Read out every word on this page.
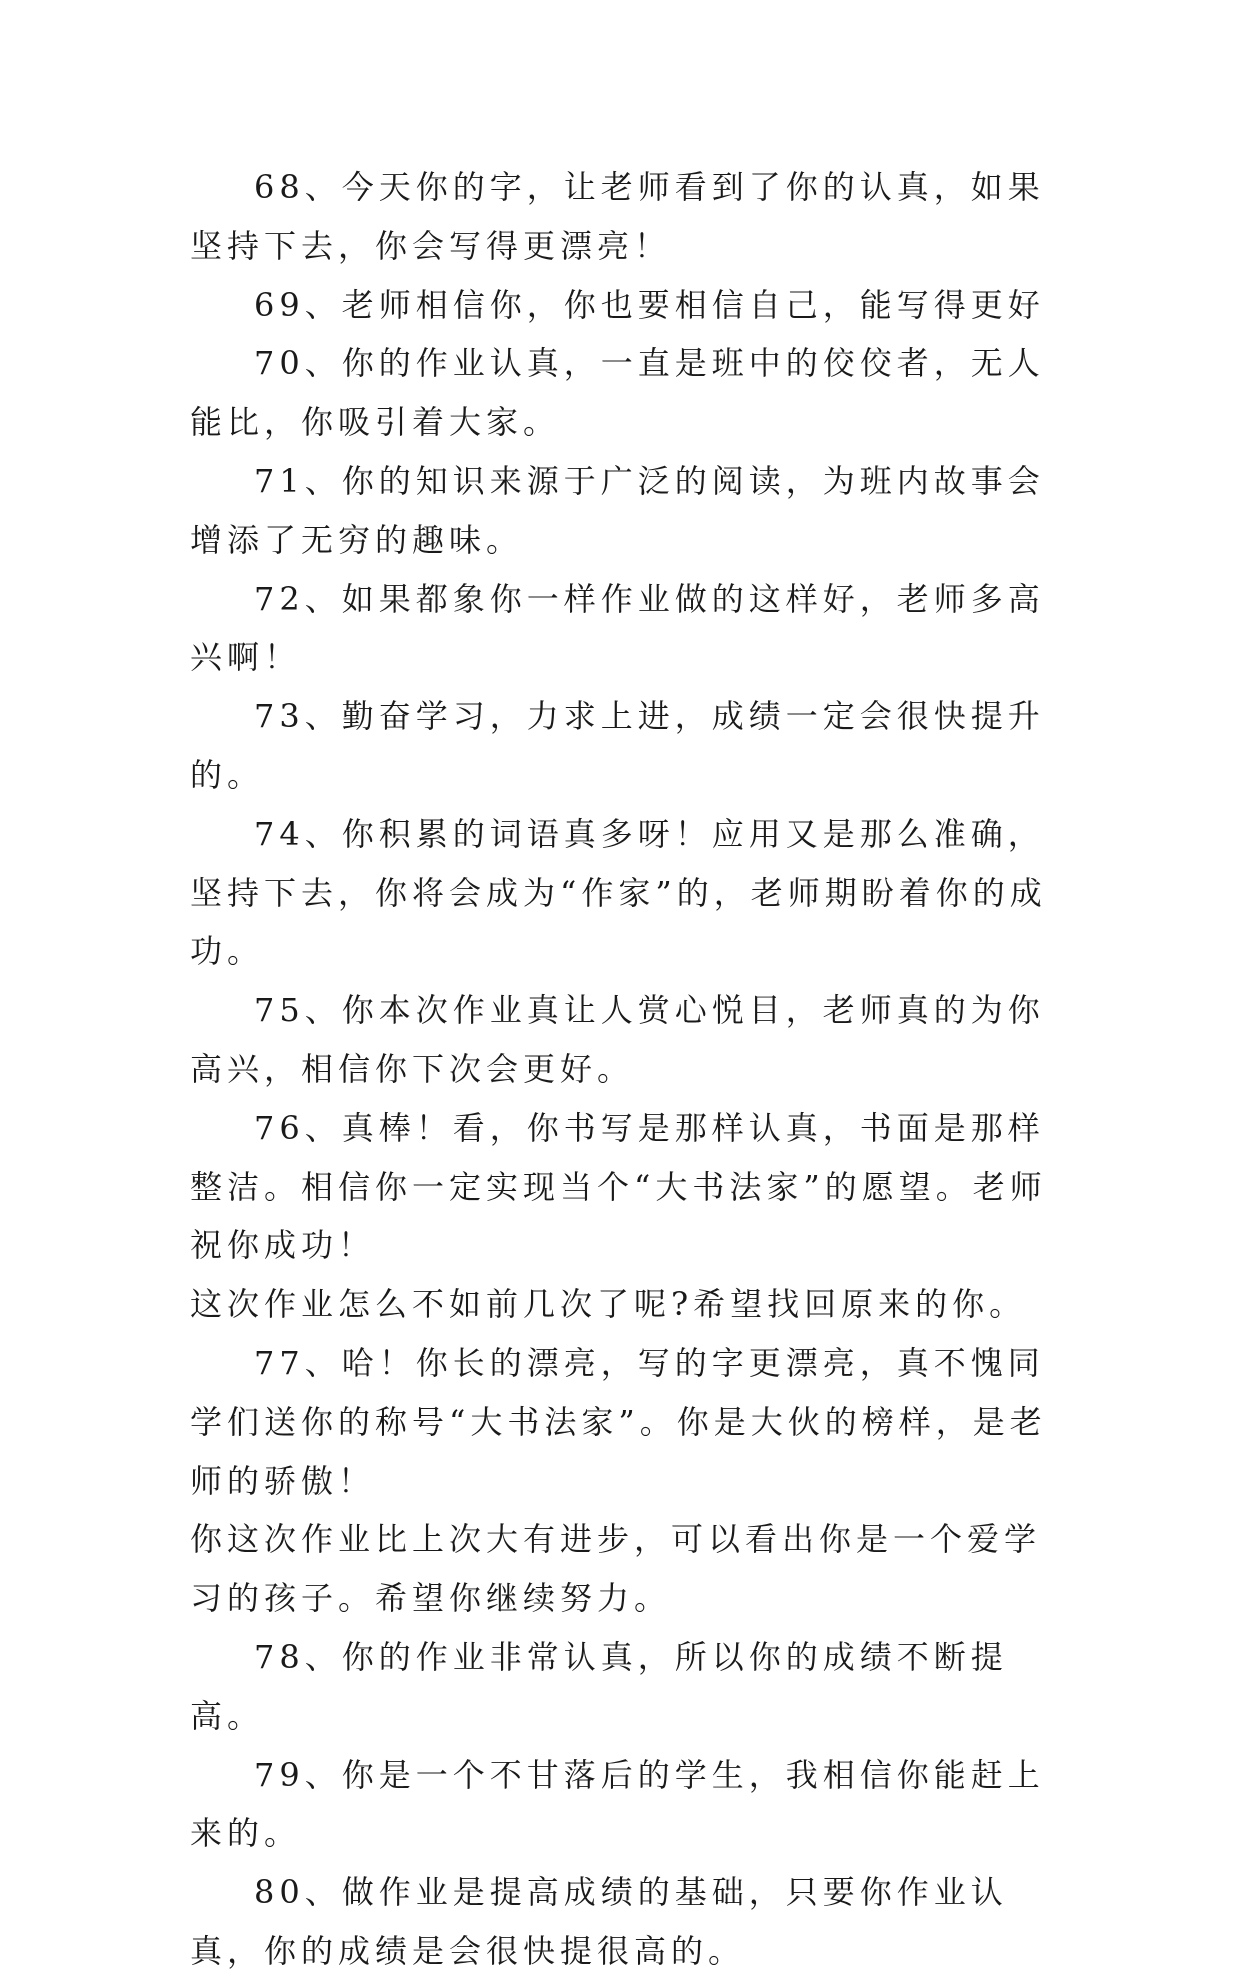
68、今天你的字，让老师看到了你的认真，如果坚持下去，你会写得更漂亮！

69、老师相信你，你也要相信自己，能写得更好

70、你的作业认真，一直是班中的佼佼者，无人能比，你吸引着大家。

71、你的知识来源于广泛的阅读，为班内故事会增添了无穷的趣味。

72、如果都象你一样作业做的这样好，老师多高兴啊！

73、勤奋学习，力求上进，成绩一定会很快提升的。

74、你积累的词语真多呀！应用又是那么准确，坚持下去，你将会成为“作家”的，老师期盼着你的成功。

75、你本次作业真让人赏心悦目，老师真的为你高兴，相信你下次会更好。

76、真棒！看，你书写是那样认真，书面是那样整洁。相信你一定实现当个“大书法家”的愿望。老师祝你成功！

这次作业怎么不如前几次了呢?希望找回原来的你。

77、哈！你长的漂亮，写的字更漂亮，真不愧同学们送你的称号“大书法家”。你是大伙的榜样，是老师的骄傲！

你这次作业比上次大有进步，可以看出你是一个爱学习的孩子。希望你继续努力。

78、你的作业非常认真，所以你的成绩不断提高。

79、你是一个不甘落后的学生，我相信你能赶上来的。

80、做作业是提高成绩的基础，只要你作业认真，你的成绩是会很快提很高的。
